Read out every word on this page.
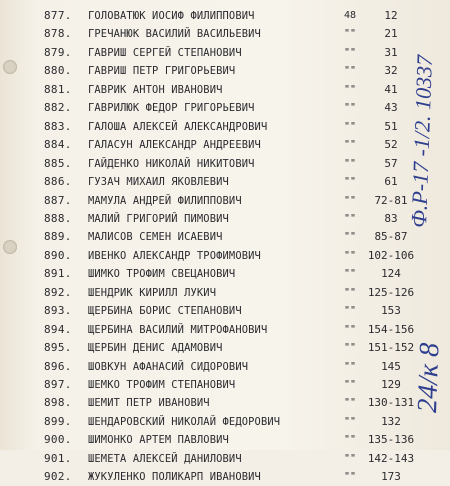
877.	ГОЛОВАТЮК ИОСИФ ФИЛИППОВИЧ	48	12
878.	ГРЕЧАНЮК ВАСИЛИЙ ВАСИЛЬЕВИЧ	""	21
879.	ГАВРИШ СЕРГЕЙ СТЕПАНОВИЧ	""	31
880.	ГАВРИШ ПЕТР ГРИГОРЬЕВИЧ	""	32
881.	ГАВРИК АНТОН ИВАНОВИЧ	""	41
882.	ГАВРИЛЮК ФЕДОР ГРИГОРЬЕВИЧ	""	43
883.	ГАЛОША АЛЕКСЕЙ АЛЕКСАНДРОВИЧ	""	51
884.	ГАЛАСУН АЛЕКСАНДР АНДРЕЕВИЧ	""	52
885.	ГАЙДЕНКО НИКОЛАЙ НИКИТОВИЧ	""	57
886.	ГУЗАЧ МИХАИЛ ЯКОВЛЕВИЧ	""	61
887.	МАМУЛА АНДРЕЙ ФИЛИППОВИЧ	""	72-81
888.	МАЛИЙ ГРИГОРИЙ ПИМОВИЧ	""	83
889.	МАЛИСОВ СЕМЕН ИСАЕВИЧ	""	85-87
890.	ИВЕНКО АЛЕКСАНДР ТРОФИМОВИЧ	""	102-106
891.	ШИМКО ТРОФИМ СВЕЦАНОВИЧ	""	124
892.	ШЕНДРИК КИРИЛЛ ЛУКИЧ	""	125-126
893.	ЩЕРБИНА БОРИС СТЕПАНОВИЧ	""	153
894.	ЩЕРБИНА ВАСИЛИЙ МИТРОФАНОВИЧ	""	154-156
895.	ЩЕРБИН ДЕНИС АДАМОВИЧ	""	151-152
896.	ШОВКУН АФАНАСИЙ СИДОРОВИЧ	""	145
897.	ШЕМКО ТРОФИМ СТЕПАНОВИЧ	""	129
898.	ШЕМИТ ПЕТР ИВАНОВИЧ	""	130-131
899.	ШЕНДАРОВСКИЙ НИКОЛАЙ ФЕДОРОВИЧ	""	132
900.	ШИМОНКО АРТЕМ ПАВЛОВИЧ	""	135-136
901.	ШЕМЕТА АЛЕКСЕЙ ДАНИЛОВИЧ	""	142-143
902.	ЖУКУЛЕНКО ПОЛИКАРП ИВАНОВИЧ	""	173
Ф.Р-17 -1/2. 10337
24/к 8
